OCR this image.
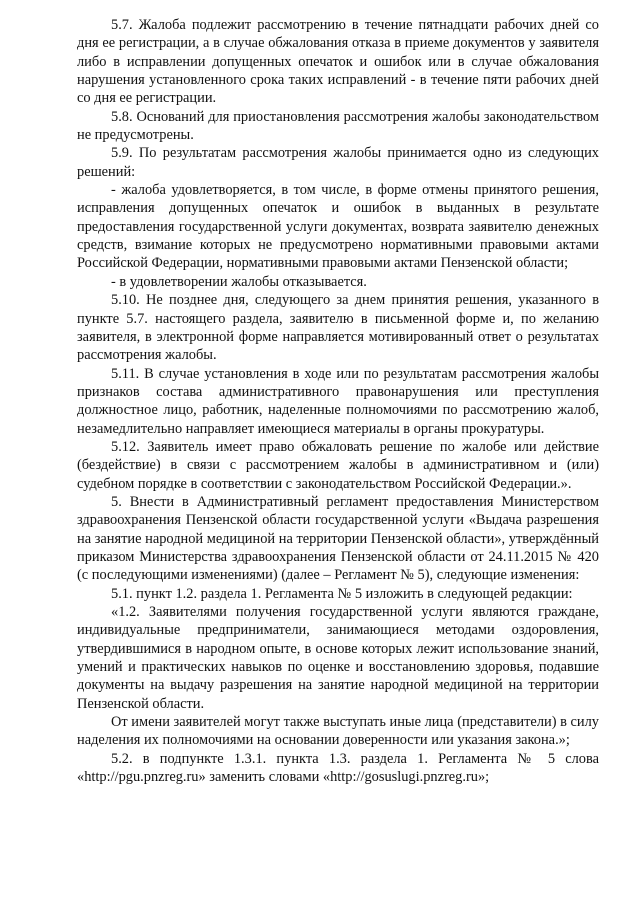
5.7. Жалоба подлежит рассмотрению в течение пятнадцати рабочих дней со дня ее регистрации, а в случае обжалования отказа в приеме документов у заявителя либо в исправлении допущенных опечаток и ошибок или в случае обжалования нарушения установленного срока таких исправлений - в течение пяти рабочих дней со дня ее регистрации.

5.8. Оснований для приостановления рассмотрения жалобы законодательством не предусмотрены.

5.9. По результатам рассмотрения жалобы принимается одно из следующих решений:

- жалоба удовлетворяется, в том числе, в форме отмены принятого решения, исправления допущенных опечаток и ошибок в выданных в результате предоставления государственной услуги документах, возврата заявителю денежных средств, взимание которых не предусмотрено нормативными правовыми актами Российской Федерации, нормативными правовыми актами Пензенской области;

- в удовлетворении жалобы отказывается.

5.10. Не позднее дня, следующего за днем принятия решения, указанного в пункте 5.7. настоящего раздела, заявителю в письменной форме и, по желанию заявителя, в электронной форме направляется мотивированный ответ о результатах рассмотрения жалобы.

5.11. В случае установления в ходе или по результатам рассмотрения жалобы признаков состава административного правонарушения или преступления должностное лицо, работник, наделенные полномочиями по рассмотрению жалоб, незамедлительно направляет имеющиеся материалы в органы прокуратуры.

5.12. Заявитель имеет право обжаловать решение по жалобе или действие (бездействие) в связи с рассмотрением жалобы в административном и (или) судебном порядке в соответствии с законодательством Российской Федерации.».

5. Внести в Административный регламент предоставления Министерством здравоохранения Пензенской области государственной услуги «Выдача разрешения на занятие народной медициной на территории Пензенской области», утверждённый приказом Министерства здравоохранения Пензенской области от 24.11.2015 № 420 (с последующими изменениями) (далее – Регламент № 5), следующие изменения:

5.1. пункт 1.2. раздела 1. Регламента № 5 изложить в следующей редакции:

«1.2. Заявителями получения государственной услуги являются граждане, индивидуальные предприниматели, занимающиеся методами оздоровления, утвердившимися в народном опыте, в основе которых лежит использование знаний, умений и практических навыков по оценке и восстановлению здоровья, подавшие документы на выдачу разрешения на занятие народной медициной на территории Пензенской области.

От имени заявителей могут также выступать иные лица (представители) в силу наделения их полномочиями на основании доверенности или указания закона.»;

5.2. в подпункте 1.3.1. пункта 1.3. раздела 1. Регламента № 5 слова «http://pgu.pnzreg.ru» заменить словами «http://gosuslugi.pnzreg.ru»;
